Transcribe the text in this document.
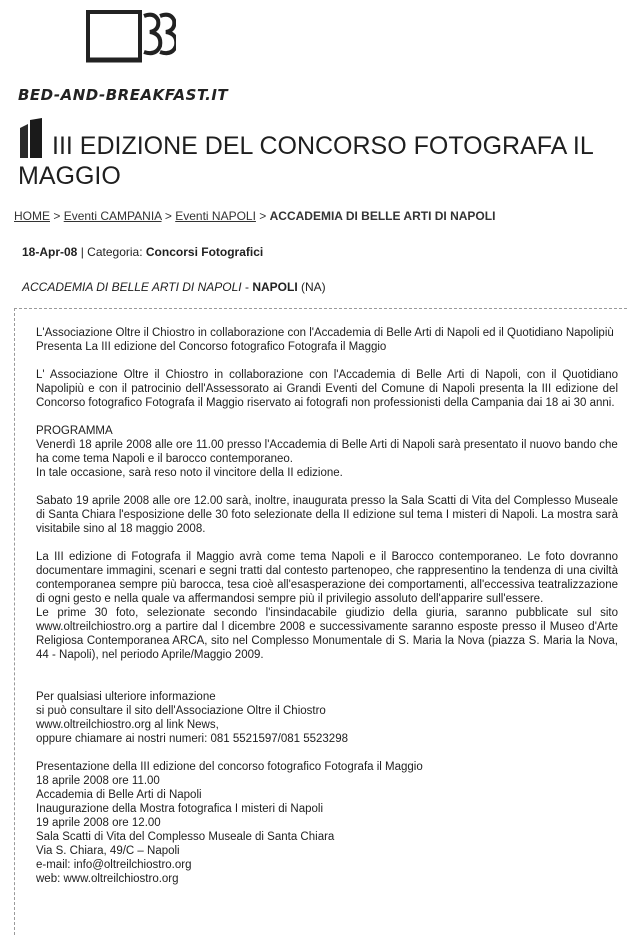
BED-AND-BREAKFAST.IT
III EDIZIONE DEL CONCORSO FOTOGRAFA IL MAGGIO
HOME > Eventi CAMPANIA > Eventi NAPOLI > ACCADEMIA DI BELLE ARTI DI NAPOLI
18-Apr-08 | Categoria: Concorsi Fotografici
ACCADEMIA DI BELLE ARTI DI NAPOLI - NAPOLI (NA)

L'Associazione Oltre il Chiostro in collaborazione con l'Accademia di Belle Arti di Napoli ed il Quotidiano Napolipiù
Presenta La III edizione del Concorso fotografico Fotografa il Maggio

L' Associazione Oltre il Chiostro in collaborazione con l'Accademia di Belle Arti di Napoli, con il Quotidiano Napolipiù e con il patrocinio dell'Assessorato ai Grandi Eventi del Comune di Napoli presenta la III edizione del Concorso fotografico Fotografa il Maggio riservato ai fotografi non professionisti della Campania dai 18 ai 30 anni.

PROGRAMMA
Venerdì 18 aprile 2008 alle ore 11.00 presso l'Accademia di Belle Arti di Napoli sarà presentato il nuovo bando che ha come tema Napoli e il barocco contemporaneo.
In tale occasione, sarà reso noto il vincitore della II edizione.

Sabato 19 aprile 2008 alle ore 12.00 sarà, inoltre, inaugurata presso la Sala Scatti di Vita del Complesso Museale di Santa Chiara l'esposizione delle 30 foto selezionate della II edizione sul tema I misteri di Napoli. La mostra sarà visitabile sino al 18 maggio 2008.

La III edizione di Fotografa il Maggio avrà come tema Napoli e il Barocco contemporaneo. Le foto dovranno documentare immagini, scenari e segni tratti dal contesto partenopeo, che rappresentino la tendenza di una civiltà contemporanea sempre più barocca, tesa cioè all'esasperazione dei comportamenti, all'eccessiva teatralizzazione di ogni gesto e nella quale va affermandosi sempre più il privilegio assoluto dell'apparire sull'essere.

Le prime 30 foto, selezionate secondo l'insindacabile giudizio della giuria, saranno pubblicate sul sito www.oltreilchiostro.org a partire dal l dicembre 2008 e successivamente saranno esposte presso il Museo d'Arte Religiosa Contemporanea ARCA, sito nel Complesso Monumentale di S. Maria la Nova (piazza S. Maria la Nova, 44 - Napoli), nel periodo Aprile/Maggio 2009.

Per qualsiasi ulteriore informazione
si può consultare il sito dell'Associazione Oltre il Chiostro
www.oltreilchiostro.org al link News,
oppure chiamare ai nostri numeri: 081 5521597/081 5523298

Presentazione della III edizione del concorso fotografico Fotografa il Maggio
18 aprile 2008 ore 11.00
Accademia di Belle Arti di Napoli
Inaugurazione della Mostra fotografica I misteri di Napoli
19 aprile 2008 ore 12.00
Sala Scatti di Vita del Complesso Museale di Santa Chiara
Via S. Chiara, 49/C – Napoli
e-mail: info@oltreilchiostro.org
web: www.oltreilchiostro.org
